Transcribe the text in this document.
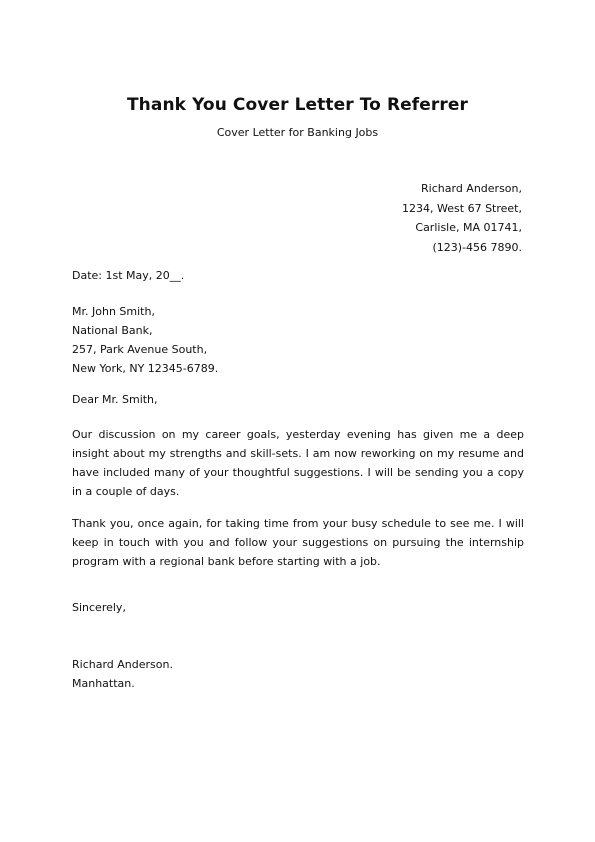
Thank You Cover Letter To Referrer
Cover Letter for Banking Jobs
Richard Anderson,
1234, West 67 Street,
Carlisle, MA 01741,
(123)-456 7890.
Date: 1st May, 20__.
Mr. John Smith,
National Bank,
257, Park Avenue South,
New York, NY 12345-6789.
Dear Mr. Smith,
Our discussion on my career goals, yesterday evening has given me a deep insight about my strengths and skill-sets. I am now reworking on my resume and have included many of your thoughtful suggestions. I will be sending you a copy in a couple of days.
Thank you, once again, for taking time from your busy schedule to see me. I will keep in touch with you and follow your suggestions on pursuing the internship program with a regional bank before starting with a job.
Sincerely,
Richard Anderson.
Manhattan.
